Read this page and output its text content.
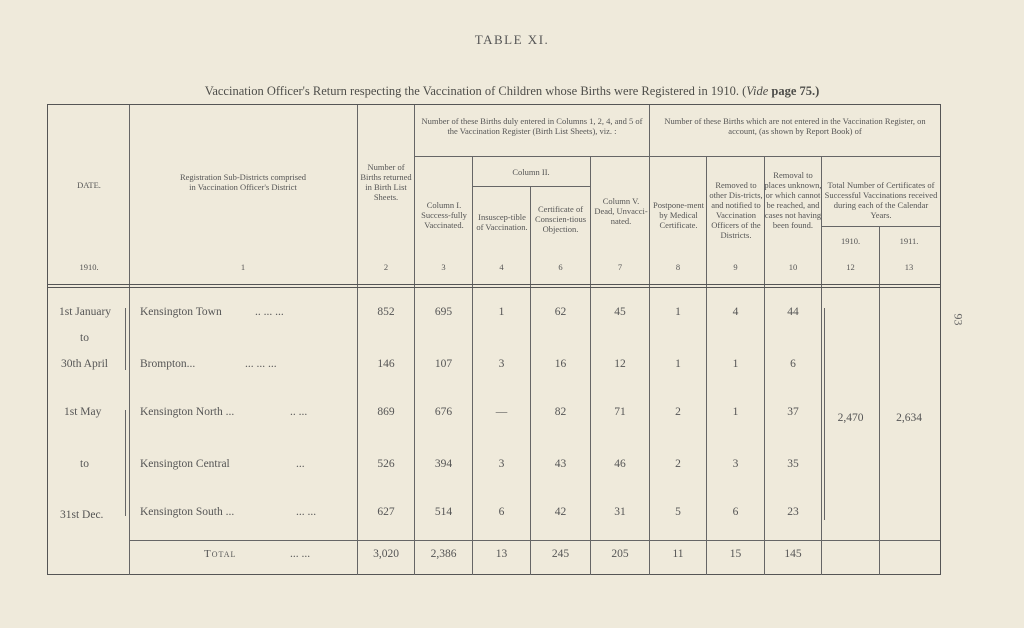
TABLE XI.
Vaccination Officer's Return respecting the Vaccination of Children whose Births were Registered in 1910. (Vide page 75.)
93
DATE.
Registration Sub-Districts comprised in Vaccination Officer's District
Number of Births returned in Birth List Sheets.
Number of these Births duly entered in Columns 1, 2, 4, and 5 of the Vaccination Register (Birth List Sheets), viz. :
Column I. Success-fully Vaccinated.
Column II.
Insuscep-tible of Vaccination.
Certificate of Conscien-tious Objection.
Column V. Dead, Unvacci-nated.
Number of these Births which are not entered in the Vaccination Register, on account, (as shown by Report Book) of
Postpone-ment by Medical Certificate.
Removed to other Dis-tricts, and notified to Vaccination Officers of the Districts.
Removal to places unknown, or which cannot be reached, and cases not having been found.
Total Number of Certificates of Successful Vaccinations received during each of the Calendar Years.
1910.	1911.
1910.	1	2	3	4	6	7	8	9	10	12	13
1st January
to
30th April
1st May
to
31st Dec.
Kensington Town	.. ... ...	852	695	1	62	45	1	4	44
Brompton...	... ... ...	146	107	3	16	12	1	1	6
Kensington North ...	.. ...	869	676	—	82	71	2	1	37
Kensington Central	...	526	394	3	43	46	2	3	35
Kensington South ...	... ...	627	514	6	42	31	5	6	23
2,470	2,634
Total	... ...	3,020	2,386	13	245	205	11	15	145
